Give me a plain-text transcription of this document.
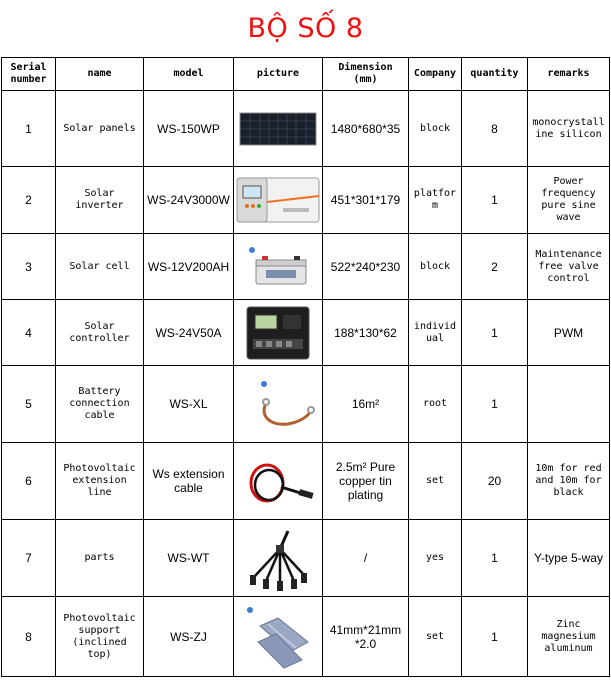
BỘ SỐ 8
Serial number	name	model	picture	Dimension (mm)	Company	quantity	remarks
1	Solar panels	WS-150WP		1480*680*35	block	8	monocrystalline silicon
2	Solar inverter	WS-24V3000W		451*301*179	platform	1	Power frequency pure sine wave
3	Solar cell	WS-12V200AH		522*240*230	block	2	Maintenance free valve control
4	Solar controller	WS-24V50A		188*130*62	individual	1	PWM
5	Battery connection cable	WS-XL		16m²	root	1	
6	Photovoltaic extension line	Ws extension cable		2.5m² Pure copper tin plating	set	20	10m for red and 10m for black
7	parts	WS-WT		/	yes	1	Y-type 5-way
8	Photovoltaic support (inclined top)	WS-ZJ		41mm*21mm *2.0	set	1	Zinc magnesium aluminum
